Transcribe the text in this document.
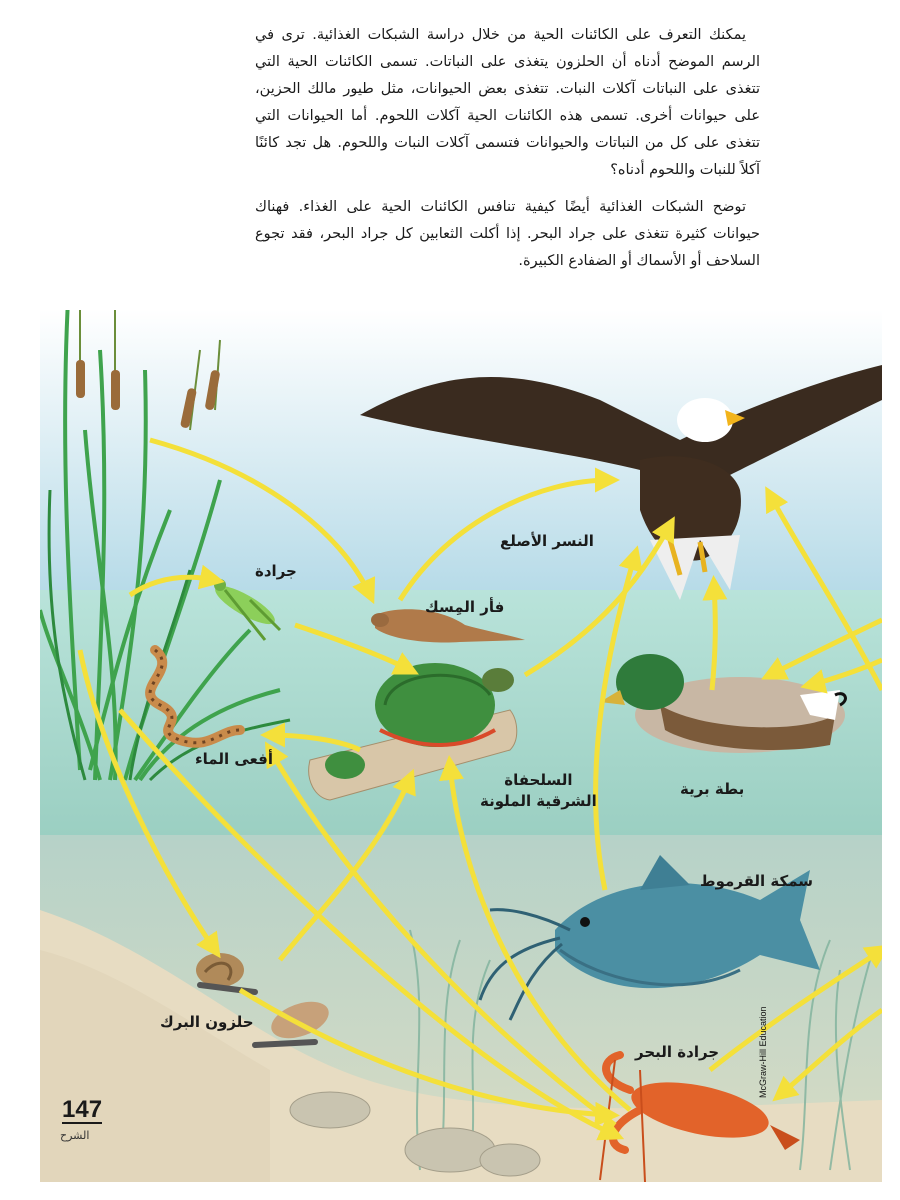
يمكنك التعرف على الكائنات الحية من خلال دراسة الشبكات الغذائية. ترى في الرسم الموضح أدناه أن الحلزون يتغذى على النباتات. تسمى الكائنات الحية التي تتغذى على النباتات آكلات النبات. تتغذى بعض الحيوانات، مثل طيور مالك الحزين، على حيوانات أخرى. تسمى هذه الكائنات الحية آكلات اللحوم. أما الحيوانات التي تتغذى على كل من النباتات والحيوانات فتسمى آكلات النبات واللحوم. هل تجد كائنًا آكلاً للنبات واللحوم أدناه؟

توضح الشبكات الغذائية أيضًا كيفية تنافس الكائنات الحية على الغذاء. فهناك حيوانات كثيرة تتغذى على جراد البحر. إذا أكلت الثعابين كل جراد البحر، فقد تجوع السلاحف أو الأسماك أو الضفادع الكبيرة.

النسر الأصلع
جرادة
فأر المِسك
أفعى الماء
السلحفاة
الشرقية الملونة
بطة برية
سمكة القرموط
حلزون البرك
جرادة البحر	McGraw-Hill Education
147
الشرح
